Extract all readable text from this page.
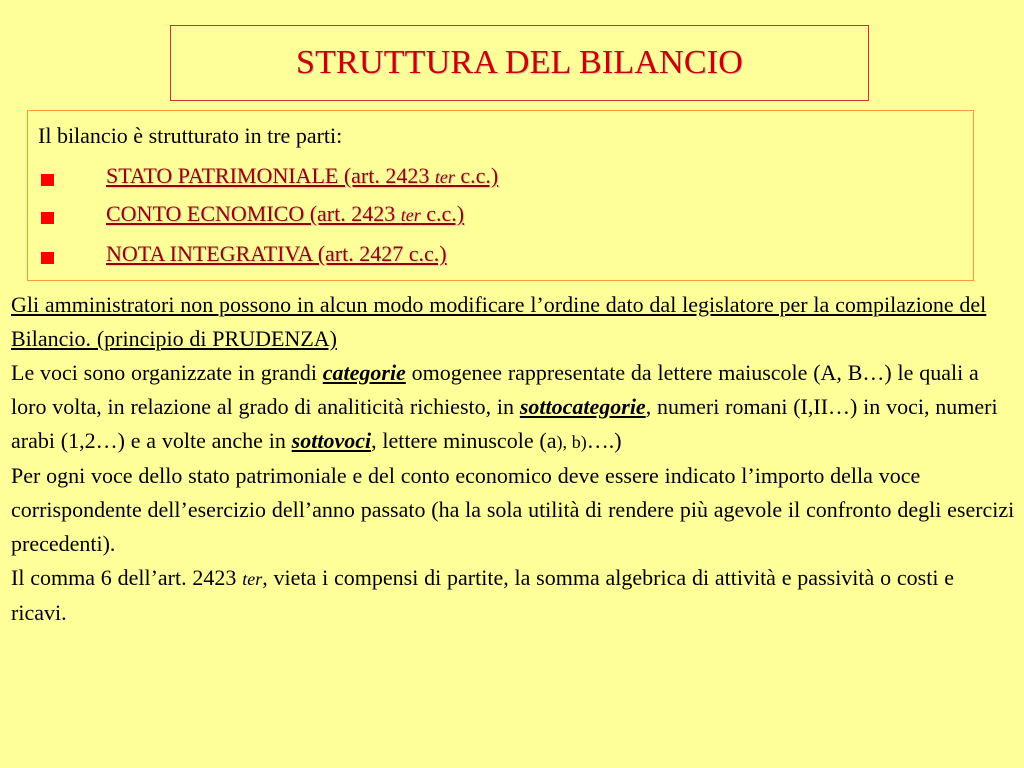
STRUTTURA DEL BILANCIO
Il bilancio è strutturato in tre parti:
STATO PATRIMONIALE (art. 2423 ter c.c.)
CONTO ECNOMICO (art. 2423 ter c.c.)
NOTA INTEGRATIVA (art. 2427 c.c.)
Gli amministratori non possono in alcun modo modificare l’ordine dato dal legislatore per la compilazione del Bilancio. (principio di PRUDENZA)
Le voci sono organizzate in grandi categorie omogenee rappresentate da lettere maiuscole (A, B…) le quali a loro volta, in relazione al grado di analiticità richiesto, in sottocategorie, numeri romani (I,II…) in voci, numeri arabi (1,2…) e a volte anche in sottovoci, lettere minuscole (a), b)….)
Per ogni voce dello stato patrimoniale e del conto economico deve essere indicato l’importo della voce corrispondente dell’esercizio dell’anno passato (ha la sola utilità di rendere più agevole il confronto degli esercizi precedenti).
Il comma 6 dell’art. 2423 ter, vieta i compensi di partite, la somma algebrica di attività e passività o costi e ricavi.
